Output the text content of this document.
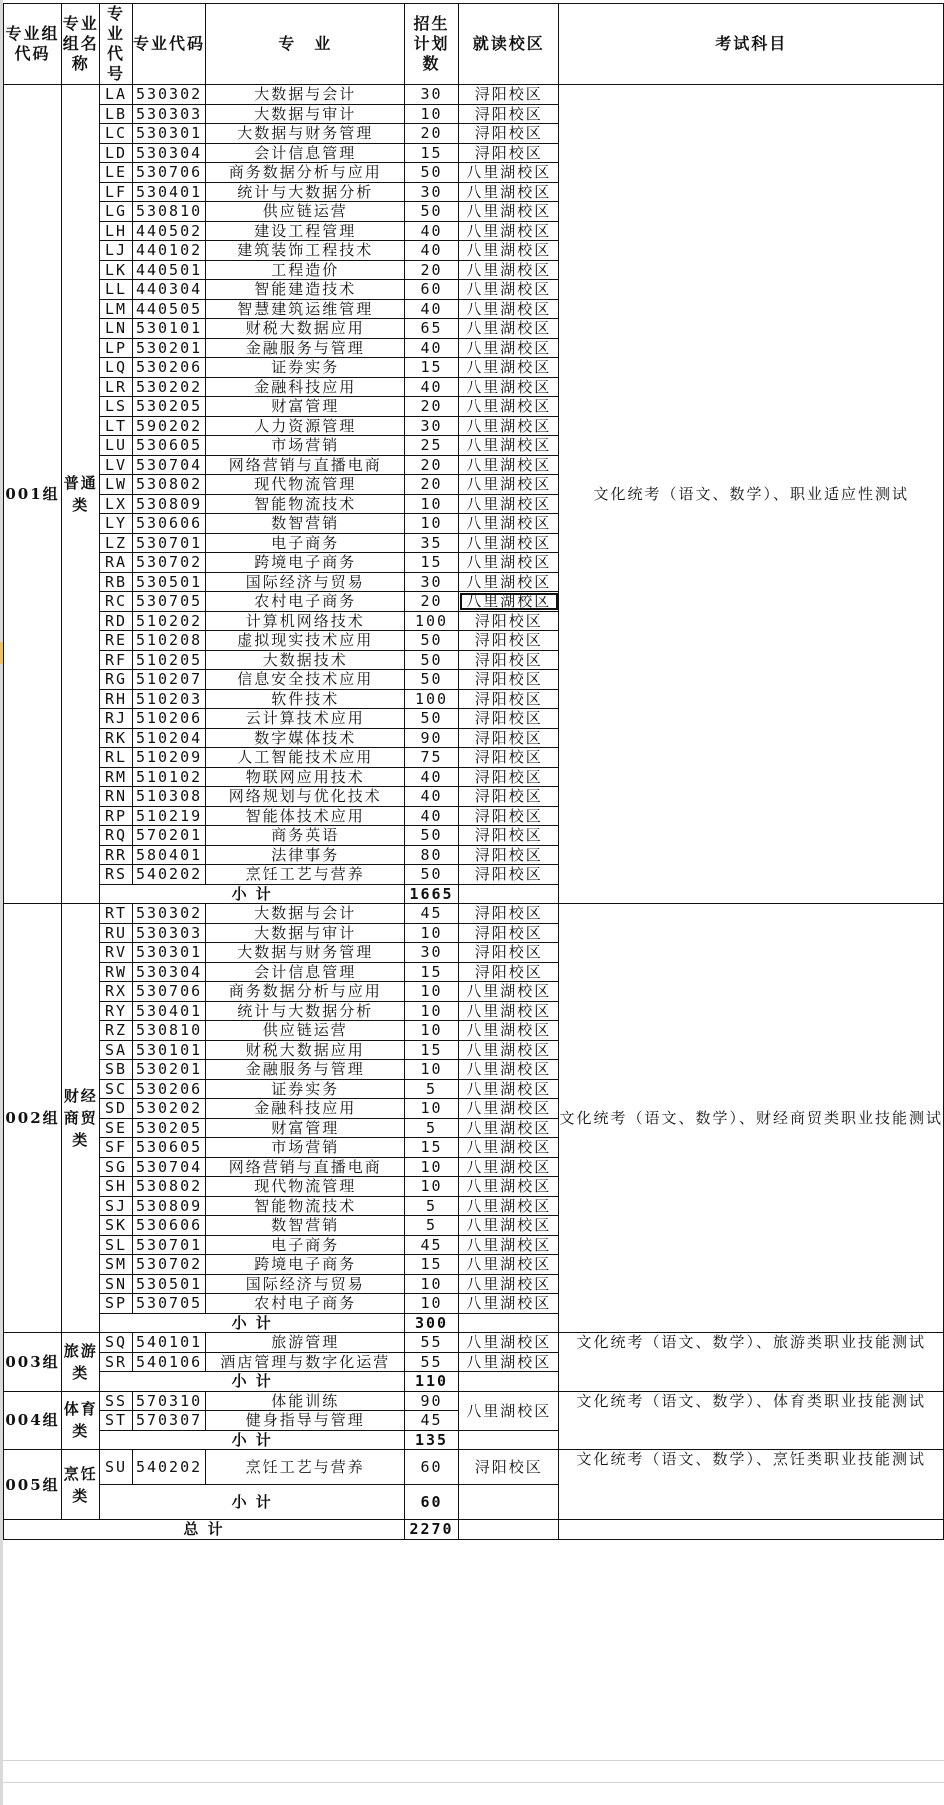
专业组代码	专业组名称	专业代号	专业代码	专　业	招生计划数	就读校区	考试科目
001组	普通类	LA	530302	大数据与会计	30	浔阳校区	文化统考（语文、数学）、职业适应性测试
		LB	530303	大数据与审计	10	浔阳校区	
		LC	530301	大数据与财务管理	20	浔阳校区	
		LD	530304	会计信息管理	15	浔阳校区	
		LE	530706	商务数据分析与应用	50	八里湖校区	
		LF	530401	统计与大数据分析	30	八里湖校区	
		LG	530810	供应链运营	50	八里湖校区	
		LH	440502	建设工程管理	40	八里湖校区	
		LJ	440102	建筑装饰工程技术	40	八里湖校区	
		LK	440501	工程造价	20	八里湖校区	
		LL	440304	智能建造技术	60	八里湖校区	
		LM	440505	智慧建筑运维管理	40	八里湖校区	
		LN	530101	财税大数据应用	65	八里湖校区	
		LP	530201	金融服务与管理	40	八里湖校区	
		LQ	530206	证券实务	15	八里湖校区	
		LR	530202	金融科技应用	40	八里湖校区	
		LS	530205	财富管理	20	八里湖校区	
		LT	590202	人力资源管理	30	八里湖校区	
		LU	530605	市场营销	25	八里湖校区	
		LV	530704	网络营销与直播电商	20	八里湖校区	
		LW	530802	现代物流管理	20	八里湖校区	
		LX	530809	智能物流技术	10	八里湖校区	
		LY	530606	数智营销	10	八里湖校区	
		LZ	530701	电子商务	35	八里湖校区	
		RA	530702	跨境电子商务	15	八里湖校区	
		RB	530501	国际经济与贸易	30	八里湖校区	
		RC	530705	农村电子商务	20	八里湖校区	
		RD	510202	计算机网络技术	100	浔阳校区	
		RE	510208	虚拟现实技术应用	50	浔阳校区	
		RF	510205	大数据技术	50	浔阳校区	
		RG	510207	信息安全技术应用	50	浔阳校区	
		RH	510203	软件技术	100	浔阳校区	
		RJ	510206	云计算技术应用	50	浔阳校区	
		RK	510204	数字媒体技术	90	浔阳校区	
		RL	510209	人工智能技术应用	75	浔阳校区	
		RM	510102	物联网应用技术	40	浔阳校区	
		RN	510308	网络规划与优化技术	40	浔阳校区	
		RP	510219	智能体技术应用	40	浔阳校区	
		RQ	570201	商务英语	50	浔阳校区	
		RR	580401	法律事务	80	浔阳校区	
		RS	540202	烹饪工艺与营养	50	浔阳校区	
		小 计			1665		
002组	财经商贸类	RT	530302	大数据与会计	45	浔阳校区	文化统考（语文、数学）、财经商贸类职业技能测试
		RU	530303	大数据与审计	10	浔阳校区	
		RV	530301	大数据与财务管理	30	浔阳校区	
		RW	530304	会计信息管理	15	浔阳校区	
		RX	530706	商务数据分析与应用	10	八里湖校区	
		RY	530401	统计与大数据分析	10	八里湖校区	
		RZ	530810	供应链运营	10	八里湖校区	
		SA	530101	财税大数据应用	15	八里湖校区	
		SB	530201	金融服务与管理	10	八里湖校区	
		SC	530206	证券实务	5	八里湖校区	
		SD	530202	金融科技应用	10	八里湖校区	
		SE	530205	财富管理	5	八里湖校区	
		SF	530605	市场营销	15	八里湖校区	
		SG	530704	网络营销与直播电商	10	八里湖校区	
		SH	530802	现代物流管理	10	八里湖校区	
		SJ	530809	智能物流技术	5	八里湖校区	
		SK	530606	数智营销	5	八里湖校区	
		SL	530701	电子商务	45	八里湖校区	
		SM	530702	跨境电子商务	15	八里湖校区	
		SN	530501	国际经济与贸易	10	八里湖校区	
		SP	530705	农村电子商务	10	八里湖校区	
		小 计			300		
003组	旅游类	SQ	540101	旅游管理	55	八里湖校区	文化统考（语文、数学）、旅游类职业技能测试
		SR	540106	酒店管理与数字化运营	55	八里湖校区	
		小 计			110		
004组	体育类	SS	570310	体能训练	90	八里湖校区	文化统考（语文、数学）、体育类职业技能测试
		ST	570307	健身指导与管理	45		
		小 计			135		
005组	烹饪类	SU	540202	烹饪工艺与营养	60	浔阳校区	文化统考（语文、数学）、烹饪类职业技能测试
		小 计			60		
总 计					2270		
